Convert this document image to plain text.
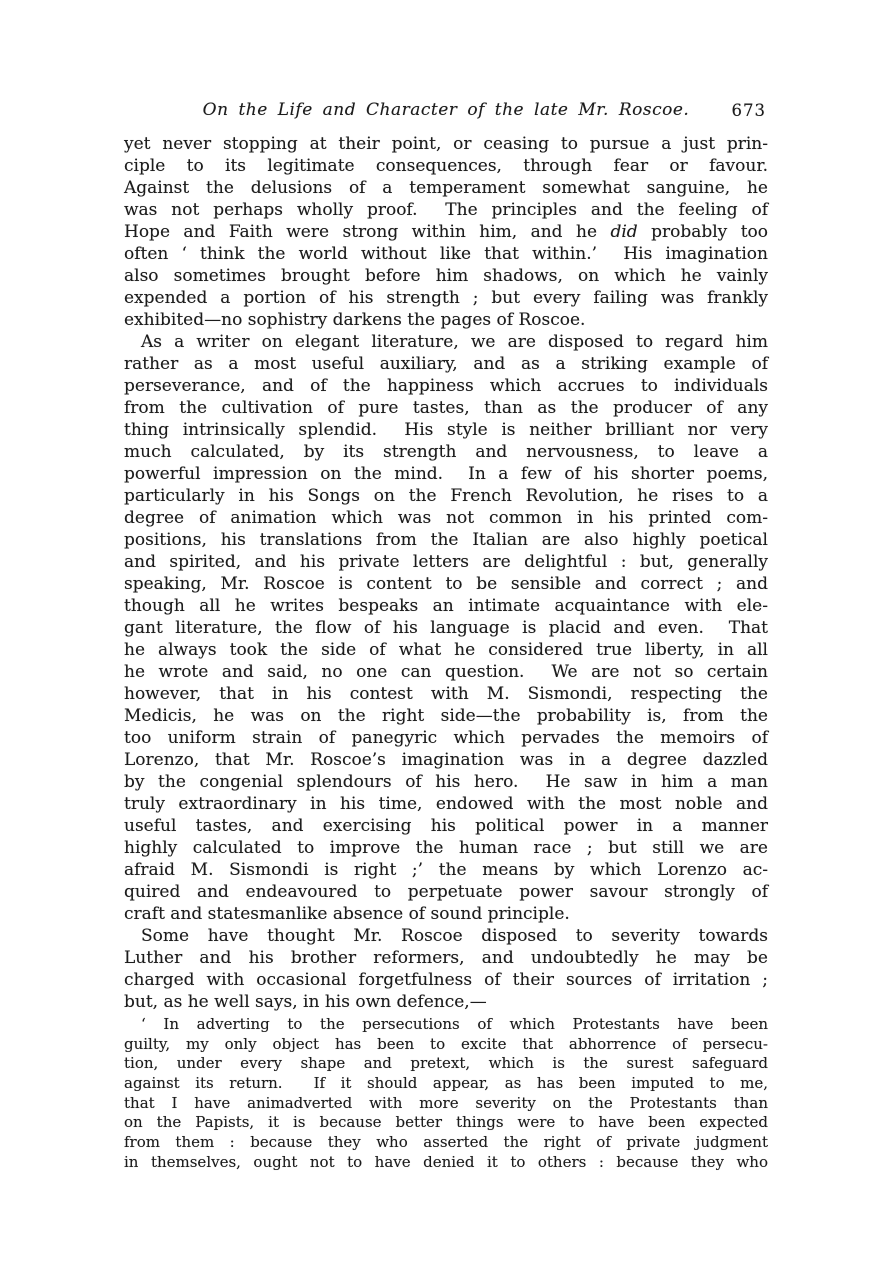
On the Life and Character of the late Mr. Roscoe.	673
yet never stopping at their point, or ceasing to pursue a just prin-
ciple to its legitimate consequences, through fear or favour.
Against the delusions of a temperament somewhat sanguine, he
was not perhaps wholly proof.  The principles and the feeling of
Hope and Faith were strong within him, and he did probably too
often ‘ think the world without like that within.’  His imagination
also sometimes brought before him shadows, on which he vainly
expended a portion of his strength ; but every failing was frankly
exhibited—no sophistry darkens the pages of Roscoe.
As a writer on elegant literature, we are disposed to regard him
rather as a most useful auxiliary, and as a striking example of
perseverance, and of the happiness which accrues to individuals
from the cultivation of pure tastes, than as the producer of any
thing intrinsically splendid.  His style is neither brilliant nor very
much calculated, by its strength and nervousness, to leave a
powerful impression on the mind.  In a few of his shorter poems,
particularly in his Songs on the French Revolution, he rises to a
degree of animation which was not common in his printed com-
positions, his translations from the Italian are also highly poetical
and spirited, and his private letters are delightful : but, generally
speaking, Mr. Roscoe is content to be sensible and correct ; and
though all he writes bespeaks an intimate acquaintance with ele-
gant literature, the flow of his language is placid and even.  That
he always took the side of what he considered true liberty, in all
he wrote and said, no one can question.  We are not so certain
however, that in his contest with M. Sismondi, respecting the
Medicis, he was on the right side—the probability is, from the
too uniform strain of panegyric which pervades the memoirs of
Lorenzo, that Mr. Roscoe’s imagination was in a degree dazzled
by the congenial splendours of his hero.  He saw in him a man
truly extraordinary in his time, endowed with the most noble and
useful tastes, and exercising his political power in a manner
highly calculated to improve the human race ; but still we are
afraid M. Sismondi is right ;’ the means by which Lorenzo ac-
quired and endeavoured to perpetuate power savour strongly of
craft and statesmanlike absence of sound principle.
Some have thought Mr. Roscoe disposed to severity towards
Luther and his brother reformers, and undoubtedly he may be
charged with occasional forgetfulness of their sources of irritation ;
but, as he well says, in his own defence,—
‘ In adverting to the persecutions of which Protestants have been
guilty, my only object has been to excite that abhorrence of persecu-
tion, under every shape and pretext, which is the surest safeguard
against its return.  If it should appear, as has been imputed to me,
that I have animadverted with more severity on the Protestants than
on the Papists, it is because better things were to have been expected
from them : because they who asserted the right of private judgment
in themselves, ought not to have denied it to others : because they who
